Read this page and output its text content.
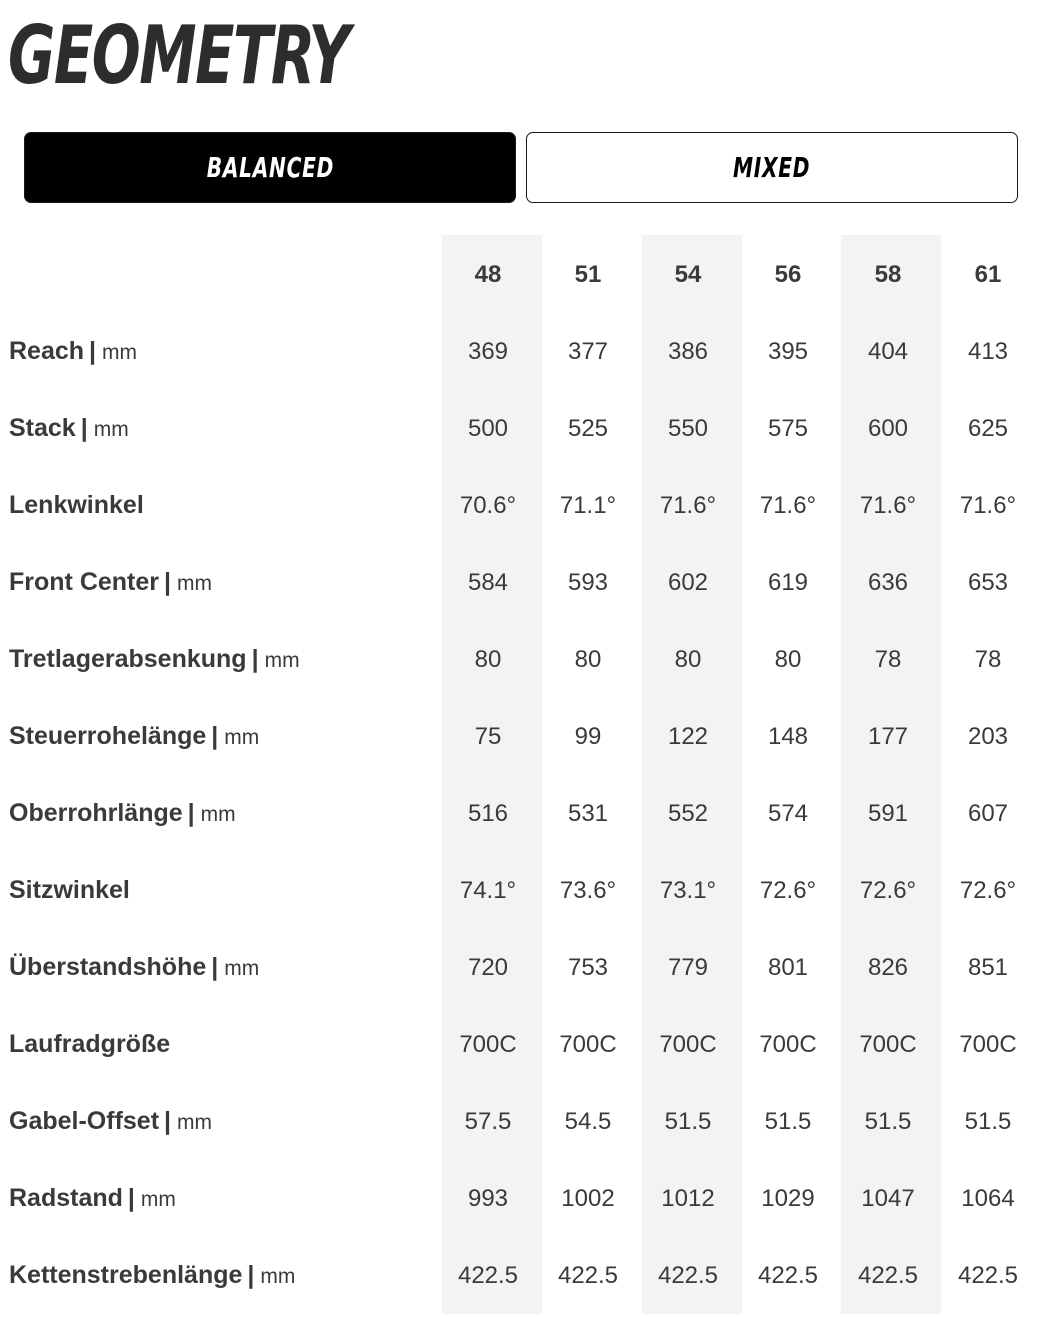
GEOMETRY
BALANCED	MIXED
48	51	54	56	58	61
Reach | mm	369	377	386	395	404	413
Stack | mm	500	525	550	575	600	625
Lenkwinkel	70.6°	71.1°	71.6°	71.6°	71.6°	71.6°
Front Center | mm	584	593	602	619	636	653
Tretlagerabsenkung | mm	80	80	80	80	78	78
Steuerrohelänge | mm	75	99	122	148	177	203
Oberrohrlänge | mm	516	531	552	574	591	607
Sitzwinkel	74.1°	73.6°	73.1°	72.6°	72.6°	72.6°
Überstandshöhe | mm	720	753	779	801	826	851
Laufradgröße	700C	700C	700C	700C	700C	700C
Gabel-Offset | mm	57.5	54.5	51.5	51.5	51.5	51.5
Radstand | mm	993	1002	1012	1029	1047	1064
Kettenstrebenlänge | mm	422.5	422.5	422.5	422.5	422.5	422.5
